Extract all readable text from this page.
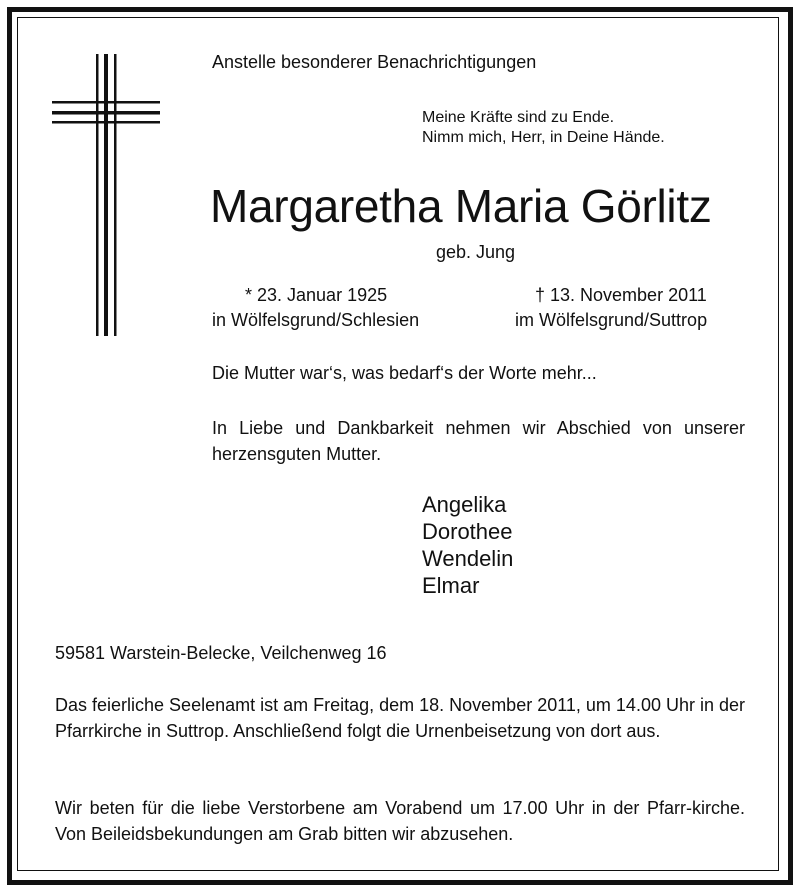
Anstelle besonderer Benachrichtigungen

Meine Kräfte sind zu Ende.

Nimm mich, Herr, in Deine Hände.

Margaretha Maria Görlitz

geb. Jung

* 23. Januar 1925

in Wölfelsgrund/Schlesien

† 13. November 2011

im Wölfelsgrund/Suttrop

Die Mutter war‘s, was bedarf‘s der Worte mehr...

In Liebe und Dankbarkeit nehmen wir Abschied von unserer herzensguten Mutter.

Angelika
Dorothee
Wendelin
Elmar

59581 Warstein-Belecke, Veilchenweg 16

Das feierliche Seelenamt ist am Freitag, dem 18. November 2011, um 14.00 Uhr in der Pfarrkirche in Suttrop. Anschließend folgt die Urnenbeisetzung von dort aus.

Wir beten für die liebe Verstorbene am Vorabend um 17.00 Uhr in der Pfarr-kirche. Von Beileidsbekundungen am Grab bitten wir abzusehen.
